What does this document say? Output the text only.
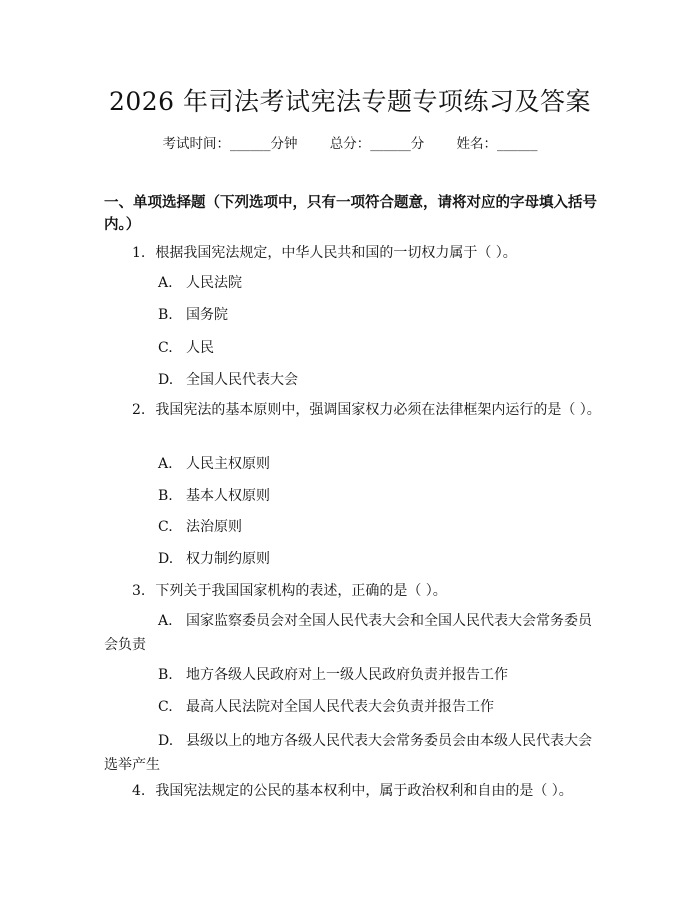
2026 年司法考试宪法专题专项练习及答案
考试时间：______分钟 总分：______分 姓名：______
一、单项选择题（下列选项中，只有一项符合题意，请将对应的字母填入括号内。）
1. 根据我国宪法规定，中华人民共和国的一切权力属于（ ）。
A. 人民法院
B. 国务院
C. 人民
D. 全国人民代表大会
2. 我国宪法的基本原则中，强调国家权力必须在法律框架内运行的是（ ）。
A. 人民主权原则
B. 基本人权原则
C. 法治原则
D. 权力制约原则
3. 下列关于我国国家机构的表述，正确的是（ ）。
A. 国家监察委员会对全国人民代表大会和全国人民代表大会常务委员会负责
B. 地方各级人民政府对上一级人民政府负责并报告工作
C. 最高人民法院对全国人民代表大会负责并报告工作
D. 县级以上的地方各级人民代表大会常务委员会由本级人民代表大会选举产生
4. 我国宪法规定的公民的基本权利中，属于政治权利和自由的是（ ）。
